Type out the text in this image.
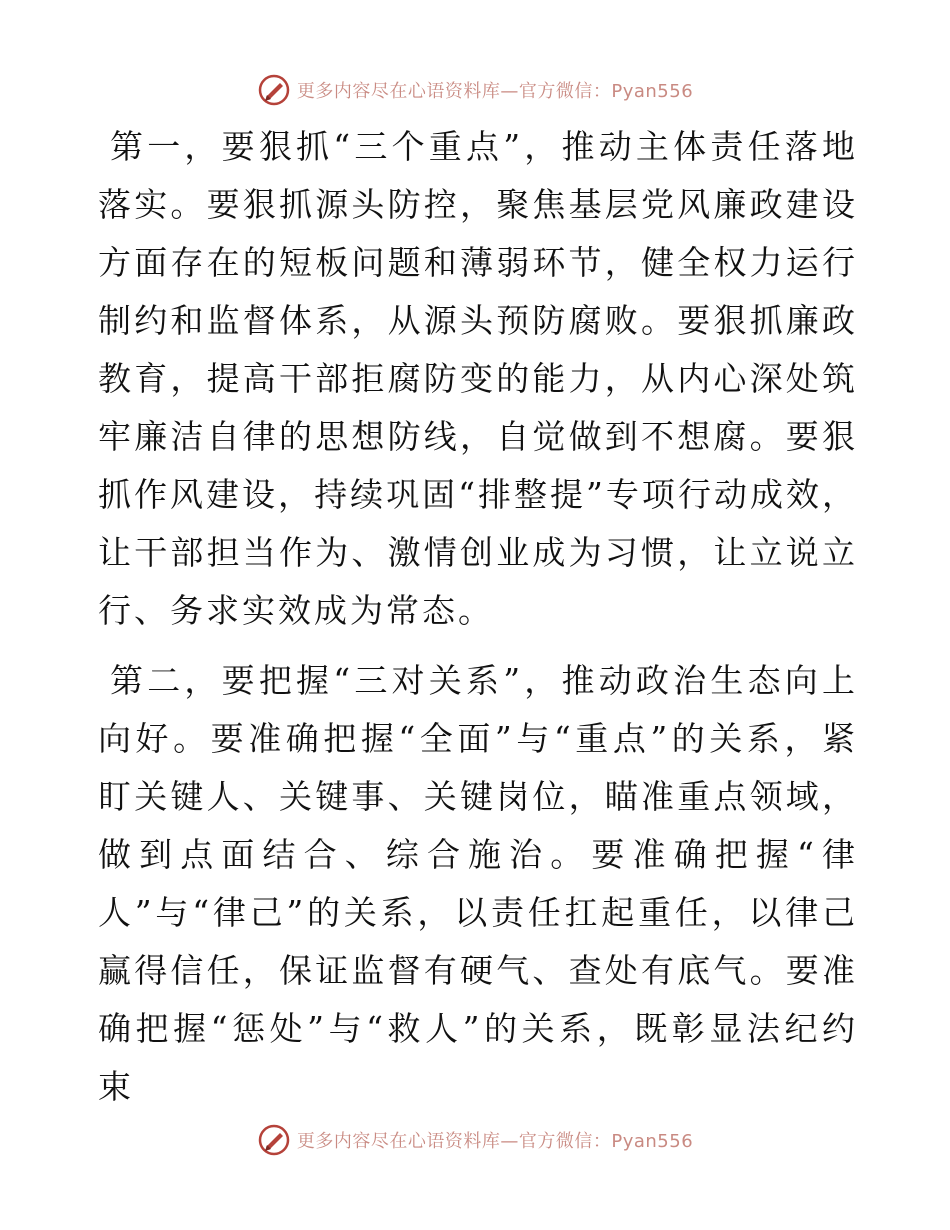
更多内容尽在心语资料库—官方微信：Pyan556

第一，要狠抓“三个重点”，推动主体责任落地落实。要狠抓源头防控，聚焦基层党风廉政建设方面存在的短板问题和薄弱环节，健全权力运行制约和监督体系，从源头预防腐败。要狠抓廉政教育，提高干部拒腐防变的能力，从内心深处筑牢廉洁自律的思想防线，自觉做到不想腐。要狠抓作风建设，持续巩固“排整提”专项行动成效，让干部担当作为、激情创业成为习惯，让立说立行、务求实效成为常态。

第二，要把握“三对关系”，推动政治生态向上向好。要准确把握“全面”与“重点”的关系，紧盯关键人、关键事、关键岗位，瞄准重点领域，做到点面结合、综合施治。要准确把握“律人”与“律己”的关系，以责任扛起重任，以律己赢得信任，保证监督有硬气、查处有底气。要准确把握“惩处”与“救人”的关系，既彰显法纪约束

更多内容尽在心语资料库—官方微信：Pyan556
